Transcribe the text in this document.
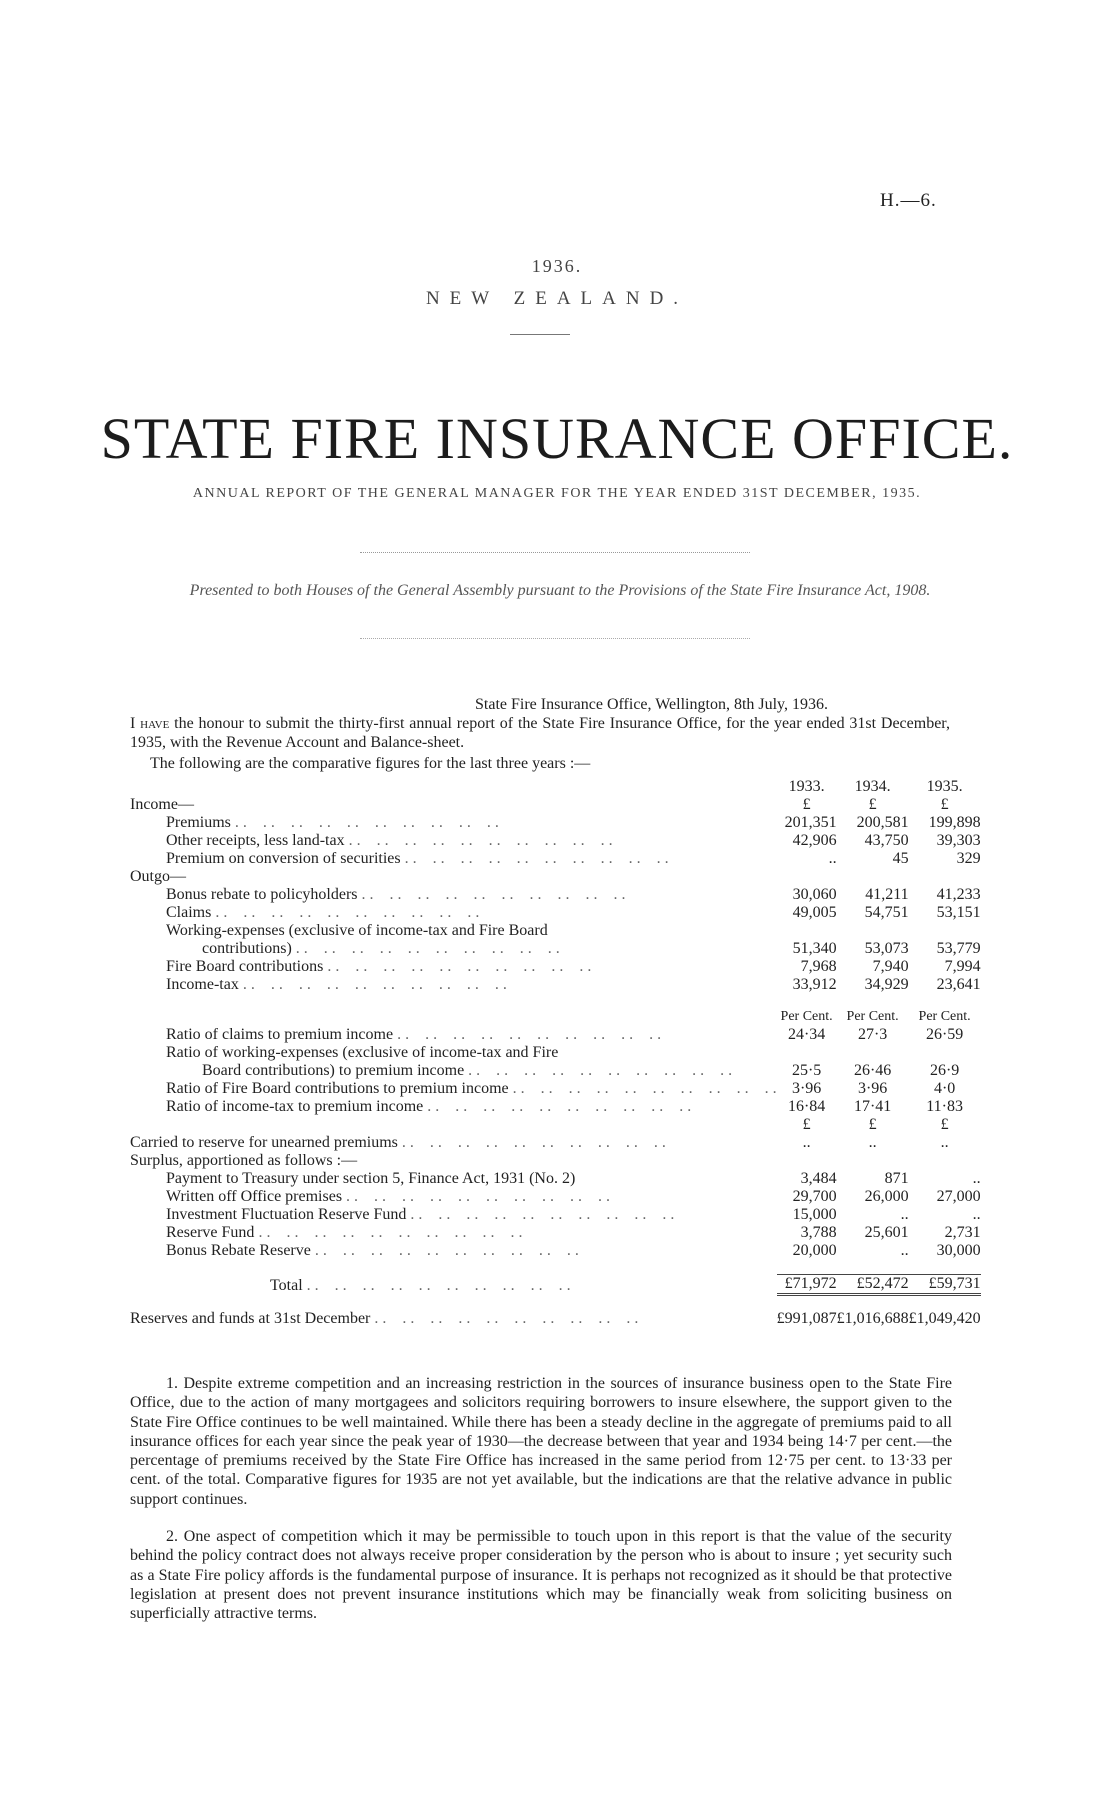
H.—6.
1936.
NEW ZEALAND.
STATE FIRE INSURANCE OFFICE.
ANNUAL REPORT OF THE GENERAL MANAGER FOR THE YEAR ENDED 31ST DECEMBER, 1935.
Presented to both Houses of the General Assembly pursuant to the Provisions of the State Fire Insurance Act, 1908.
State Fire Insurance Office, Wellington, 8th July, 1936.
I have the honour to submit the thirty-first annual report of the State Fire Insurance Office, for the year ended 31st December, 1935, with the Revenue Account and Balance-sheet.
The following are the comparative figures for the last three years :—
	1933.	1934.	1935.
Income—	£	£	£
Premiums . .	201,351	200,581	199,898
Other receipts, less land-tax . .	42,906	43,750	39,303
Premium on conversion of securities . .	..	45	329
Outgo—			
Bonus rebate to policyholders . .	30,060	41,211	41,233
Claims . .	49,005	54,751	53,151
Working-expenses (exclusive of income-tax and Fire Board			
contributions) . .	51,340	53,073	53,779
Fire Board contributions . .	7,968	7,940	7,994
Income-tax . .	33,912	34,929	23,641

	Per Cent.	Per Cent.	Per Cent.
Ratio of claims to premium income . .	24·34	27·3	26·59
Ratio of working-expenses (exclusive of income-tax and Fire			
Board contributions) to premium income . .	25·5	26·46	26·9
Ratio of Fire Board contributions to premium income . .	3·96	3·96	4·0
Ratio of income-tax to premium income . .	16·84	17·41	11·83
	£	£	£
Carried to reserve for unearned premiums . .	..	..	..
Surplus, apportioned as follows :—			
Payment to Treasury under section 5, Finance Act, 1931 (No. 2)	3,484	871	..
Written off Office premises . .	29,700	26,000	27,000
Investment Fluctuation Reserve Fund . .	15,000	..	..
Reserve Fund . .	3,788	25,601	2,731
Bonus Rebate Reserve . .	20,000	..	30,000

Total . .	£71,972	£52,472	£59,731

Reserves and funds at 31st December . .	£991,087	£1,016,688	£1,049,420
1. Despite extreme competition and an increasing restriction in the sources of insurance business open to the State Fire Office, due to the action of many mortgagees and solicitors requiring borrowers to insure elsewhere, the support given to the State Fire Office continues to be well maintained. While there has been a steady decline in the aggregate of premiums paid to all insurance offices for each year since the peak year of 1930—the decrease between that year and 1934 being 14·7 per cent.—the percentage of premiums received by the State Fire Office has increased in the same period from 12·75 per cent. to 13·33 per cent. of the total. Comparative figures for 1935 are not yet available, but the indications are that the relative advance in public support continues.
2. One aspect of competition which it may be permissible to touch upon in this report is that the value of the security behind the policy contract does not always receive proper consideration by the person who is about to insure ; yet security such as a State Fire policy affords is the fundamental purpose of insurance. It is perhaps not recognized as it should be that protective legislation at present does not prevent insurance institutions which may be financially weak from soliciting business on superficially attractive terms.
